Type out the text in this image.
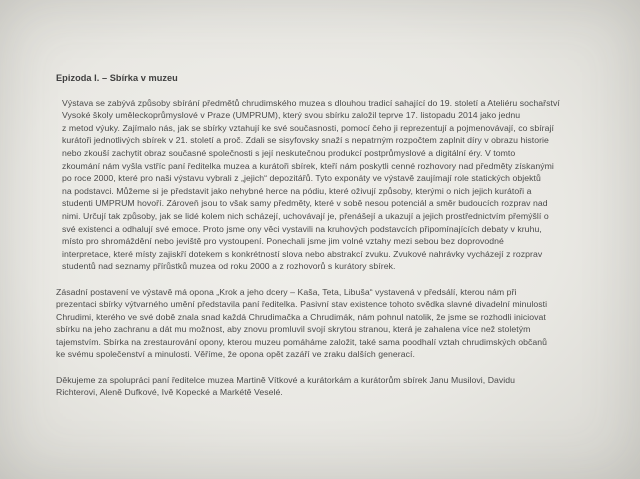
Epizoda I. – Sbírka v muzeu
Výstava se zabývá způsoby sbírání předmětů chrudimského muzea s dlouhou tradicí sahající do 19. století a Ateliéru sochařství
Vysoké školy uměleckoprůmyslové v Praze (UMPRUM), který svou sbírku založil teprve 17. listopadu 2014 jako jednu
z metod výuky. Zajímalo nás, jak se sbírky vztahují ke své současnosti, pomocí čeho ji reprezentují a pojmenovávají, co sbírají
kurátoři jednotlivých sbírek v 21. století a proč. Zdali se sisyfovsky snaží s nepatrným rozpočtem zaplnit díry v obrazu historie
nebo zkouší zachytit obraz současné společnosti s její neskutečnou produkcí postprůmyslové a digitální éry. V tomto
zkoumání nám vyšla vstříc paní ředitelka muzea a kurátoři sbírek, kteří nám poskytli cenné rozhovory nad předměty získanými
po roce 2000, které pro naši výstavu vybrali z „jejich“ depozitářů. Tyto exponáty ve výstavě zaujímají role statických objektů
na podstavci. Můžeme si je představit jako nehybné herce na pódiu, které oživují způsoby, kterými o nich jejich kurátoři a
studenti UMPRUM hovoří. Zároveň jsou to však samy předměty, které v sobě nesou potenciál a směr budoucích rozprav nad
nimi. Určují tak způsoby, jak se lidé kolem nich scházejí, uchovávají je, přenášejí a ukazují a jejich prostřednictvím přemýšlí o
své existenci a odhalují své emoce. Proto jsme ony věci vystavili na kruhových podstavcích připomínajících debaty v kruhu,
místo pro shromáždění nebo jeviště pro vystoupení. Ponechali jsme jim volné vztahy mezi sebou bez doprovodné
interpretace, které místy zajiskří dotekem s konkrétností slova nebo abstrakcí zvuku. Zvukové nahrávky vycházejí z rozprav
studentů nad seznamy přírůstků muzea od roku 2000 a z rozhovorů s kurátory sbírek.
Zásadní postavení ve výstavě má opona „Krok a jeho dcery – Kaša, Teta, Libuša“ vystavená v předsálí, kterou nám při
prezentaci sbírky výtvarného umění představila paní ředitelka. Pasivní stav existence tohoto svědka slavné divadelní minulosti
Chrudimi, kterého ve své době znala snad každá Chrudimačka a Chrudimák, nám pohnul natolik, že jsme se rozhodli iniciovat
sbírku na jeho zachranu a dát mu možnost, aby znovu promluvil svojí skrytou stranou, která je zahalena více než stoletým
tajemstvím. Sbírka na zrestaurování opony, kterou muzeu pomáháme založit, také sama poodhalí vztah chrudimských občanů
ke svému společenství a minulosti. Věříme, že opona opět zazáří ve zraku dalších generací.
Děkujeme za spolupráci paní ředitelce muzea Martině Vítkové a kurátorkám a kurátorům sbírek Janu Musilovi, Davidu
Richterovi, Aleně Dufkové, Ivě Kopecké a Markétě Veselé.
